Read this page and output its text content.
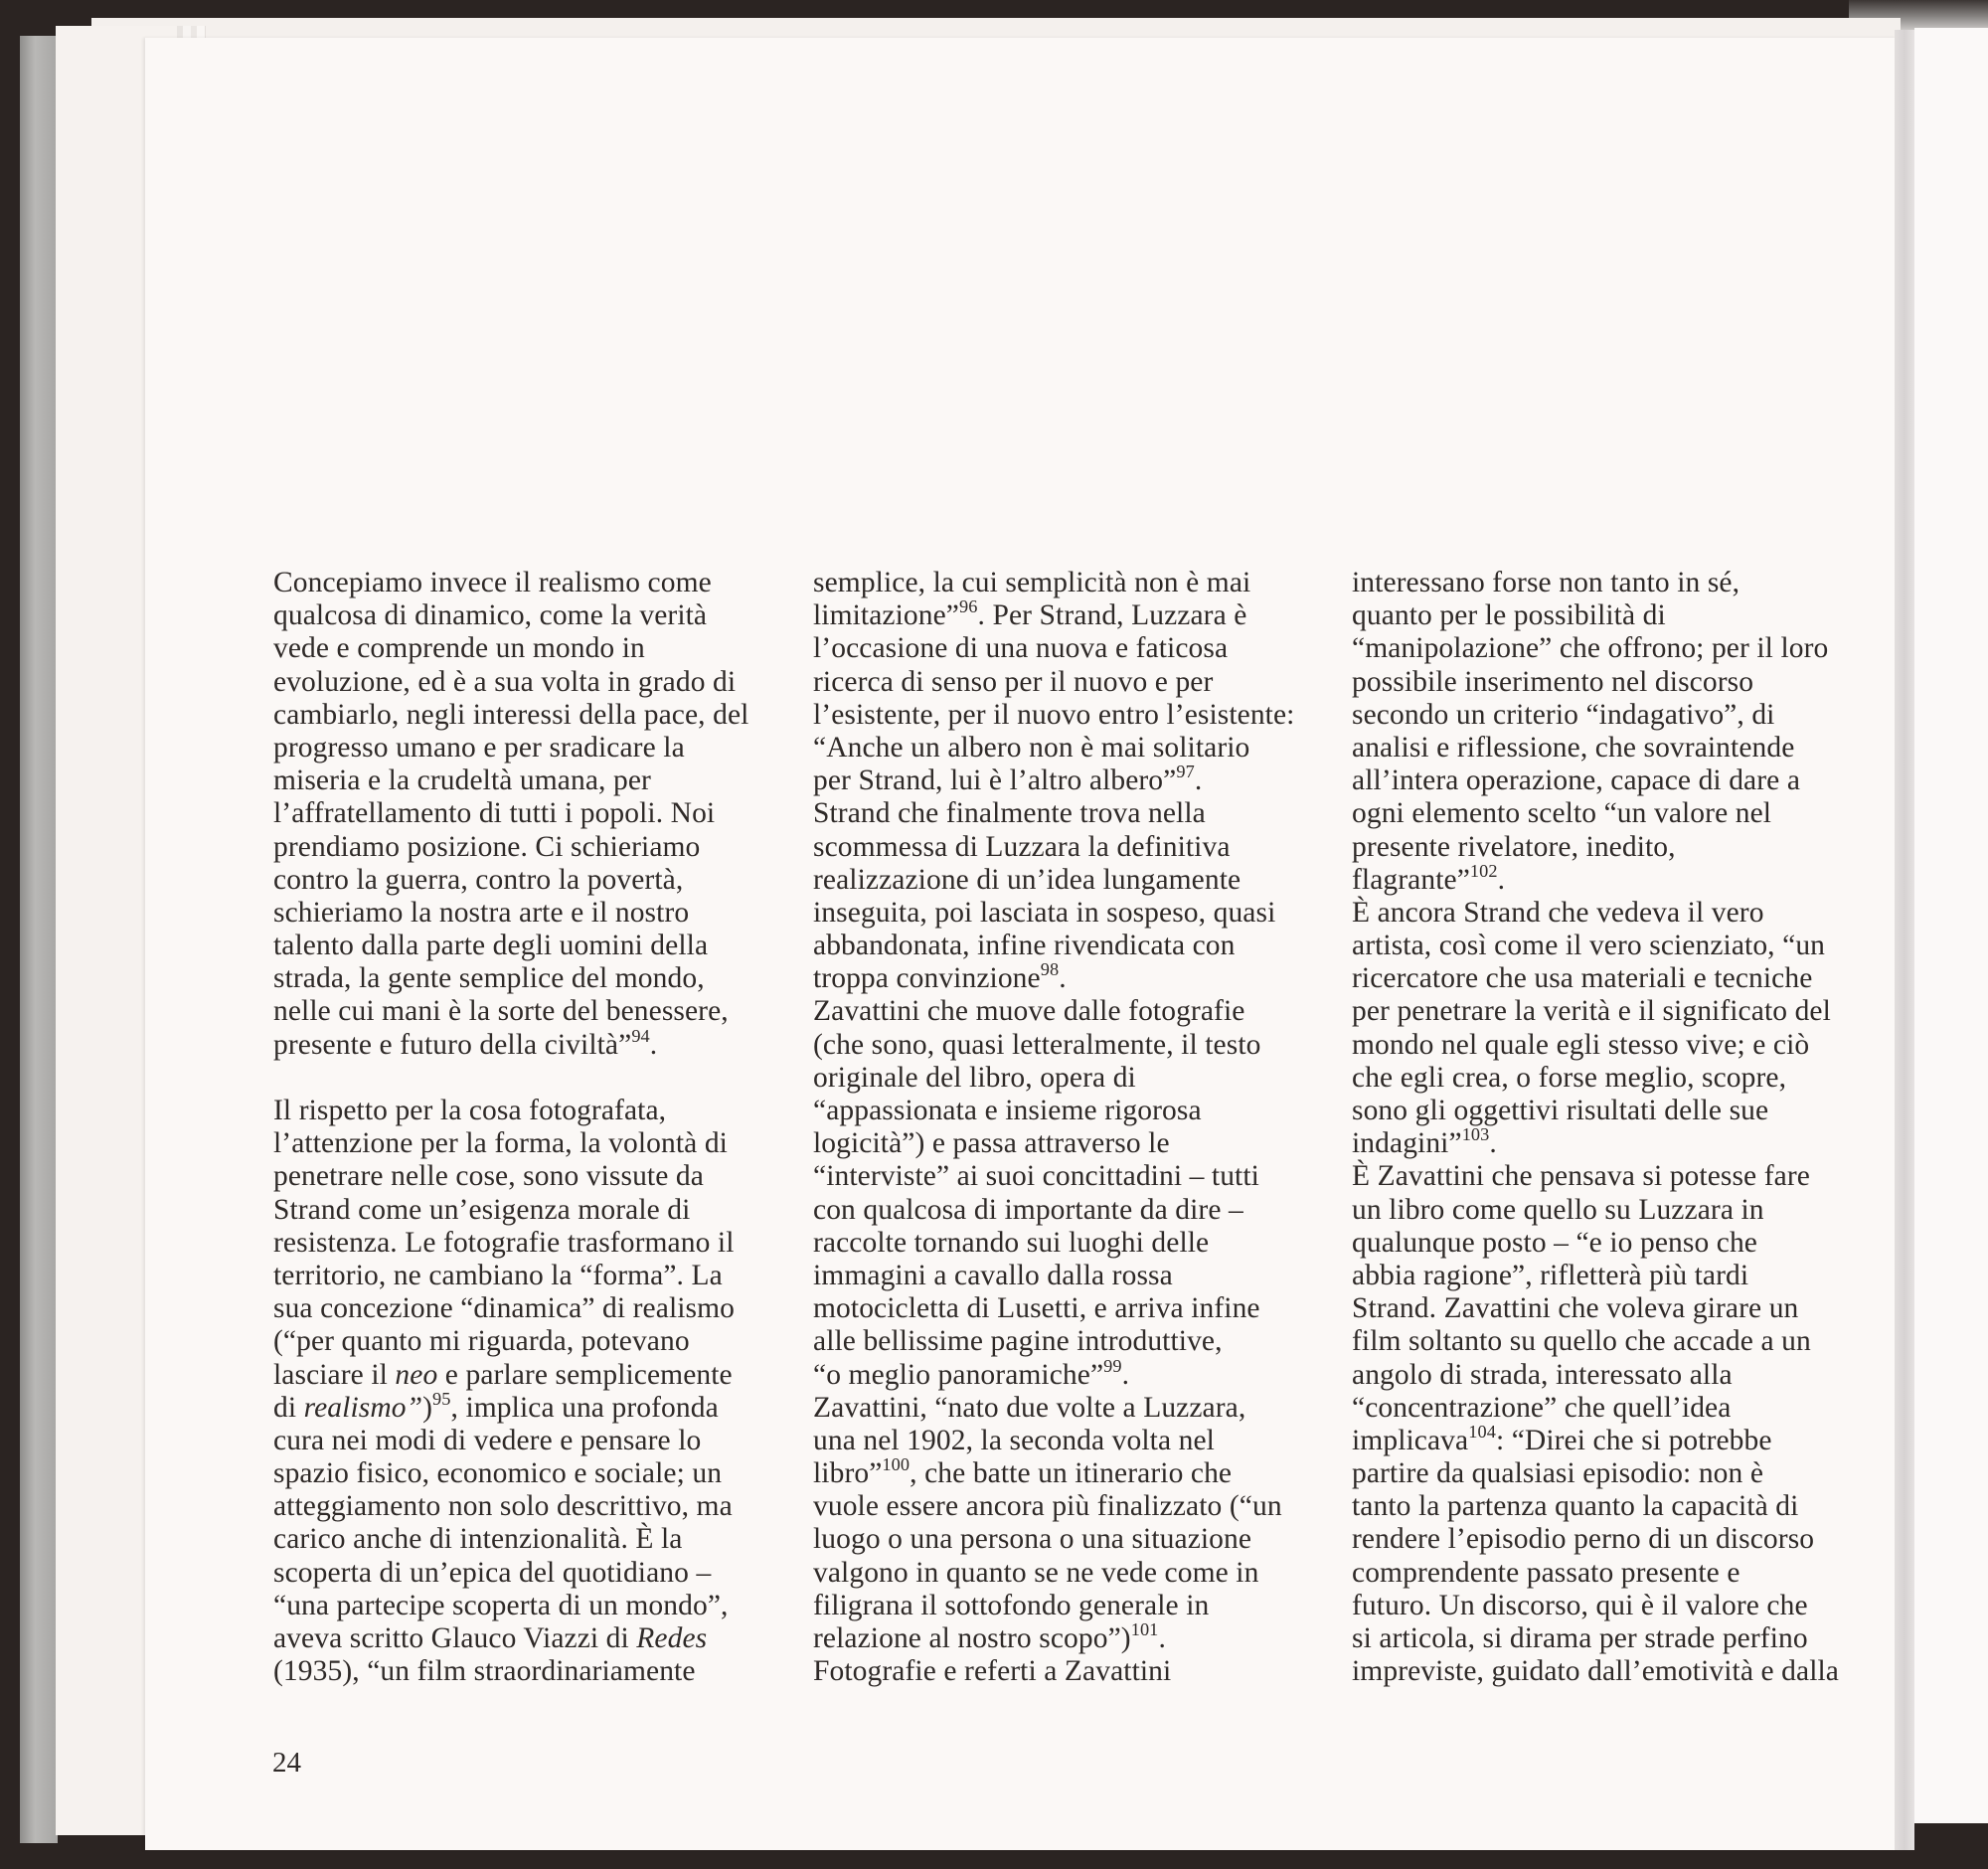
Concepiamo invece il realismo come
qualcosa di dinamico, come la verità
vede e comprende un mondo in
evoluzione, ed è a sua volta in grado di
cambiarlo, negli interessi della pace, del
progresso umano e per sradicare la
miseria e la crudeltà umana, per
l’affratellamento di tutti i popoli. Noi
prendiamo posizione. Ci schieriamo
contro la guerra, contro la povertà,
schieriamo la nostra arte e il nostro
talento dalla parte degli uomini della
strada, la gente semplice del mondo,
nelle cui mani è la sorte del benessere,
presente e futuro della civiltà”$^{94}$.
Il rispetto per la cosa fotografata,
l’attenzione per la forma, la volontà di
penetrare nelle cose, sono vissute da
Strand come un’esigenza morale di
resistenza. Le fotografie trasformano il
territorio, ne cambiano la “forma”. La
sua concezione “dinamica” di realismo
(“per quanto mi riguarda, potevano
lasciare il neo e parlare semplicemente
di realismo”)$^{95}$, implica una profonda
cura nei modi di vedere e pensare lo
spazio fisico, economico e sociale; un
atteggiamento non solo descrittivo, ma
carico anche di intenzionalità. È la
scoperta di un’epica del quotidiano –
“una partecipe scoperta di un mondo”,
aveva scritto Glauco Viazzi di Redes
(1935), “un film straordinariamente
semplice, la cui semplicità non è mai
limitazione”$^{96}$. Per Strand, Luzzara è
l’occasione di una nuova e faticosa
ricerca di senso per il nuovo e per
l’esistente, per il nuovo entro l’esistente:
“Anche un albero non è mai solitario
per Strand, lui è l’altro albero”$^{97}$.
Strand che finalmente trova nella
scommessa di Luzzara la definitiva
realizzazione di un’idea lungamente
inseguita, poi lasciata in sospeso, quasi
abbandonata, infine rivendicata con
troppa convinzione$^{98}$.
Zavattini che muove dalle fotografie
(che sono, quasi letteralmente, il testo
originale del libro, opera di
“appassionata e insieme rigorosa
logicità”) e passa attraverso le
“interviste” ai suoi concittadini – tutti
con qualcosa di importante da dire –
raccolte tornando sui luoghi delle
immagini a cavallo dalla rossa
motocicletta di Lusetti, e arriva infine
alle bellissime pagine introduttive,
“o meglio panoramiche”$^{99}$.
Zavattini, “nato due volte a Luzzara,
una nel 1902, la seconda volta nel
libro”$^{100}$, che batte un itinerario che
vuole essere ancora più finalizzato (“un
luogo o una persona o una situazione
valgono in quanto se ne vede come in
filigrana il sottofondo generale in
relazione al nostro scopo”)$^{101}$.
Fotografie e referti a Zavattini
interessano forse non tanto in sé,
quanto per le possibilità di
“manipolazione” che offrono; per il loro
possibile inserimento nel discorso
secondo un criterio “indagativo”, di
analisi e riflessione, che sovraintende
all’intera operazione, capace di dare a
ogni elemento scelto “un valore nel
presente rivelatore, inedito,
flagrante”$^{102}$.
È ancora Strand che vedeva il vero
artista, così come il vero scienziato, “un
ricercatore che usa materiali e tecniche
per penetrare la verità e il significato del
mondo nel quale egli stesso vive; e ciò
che egli crea, o forse meglio, scopre,
sono gli oggettivi risultati delle sue
indagini”$^{103}$.
È Zavattini che pensava si potesse fare
un libro come quello su Luzzara in
qualunque posto – “e io penso che
abbia ragione”, rifletterà più tardi
Strand. Zavattini che voleva girare un
film soltanto su quello che accade a un
angolo di strada, interessato alla
“concentrazione” che quell’idea
implicava$^{104}$: “Direi che si potrebbe
partire da qualsiasi episodio: non è
tanto la partenza quanto la capacità di
rendere l’episodio perno di un discorso
comprendente passato presente e
futuro. Un discorso, qui è il valore che
si articola, si dirama per strade perfino
impreviste, guidato dall’emotività e dalla
24
